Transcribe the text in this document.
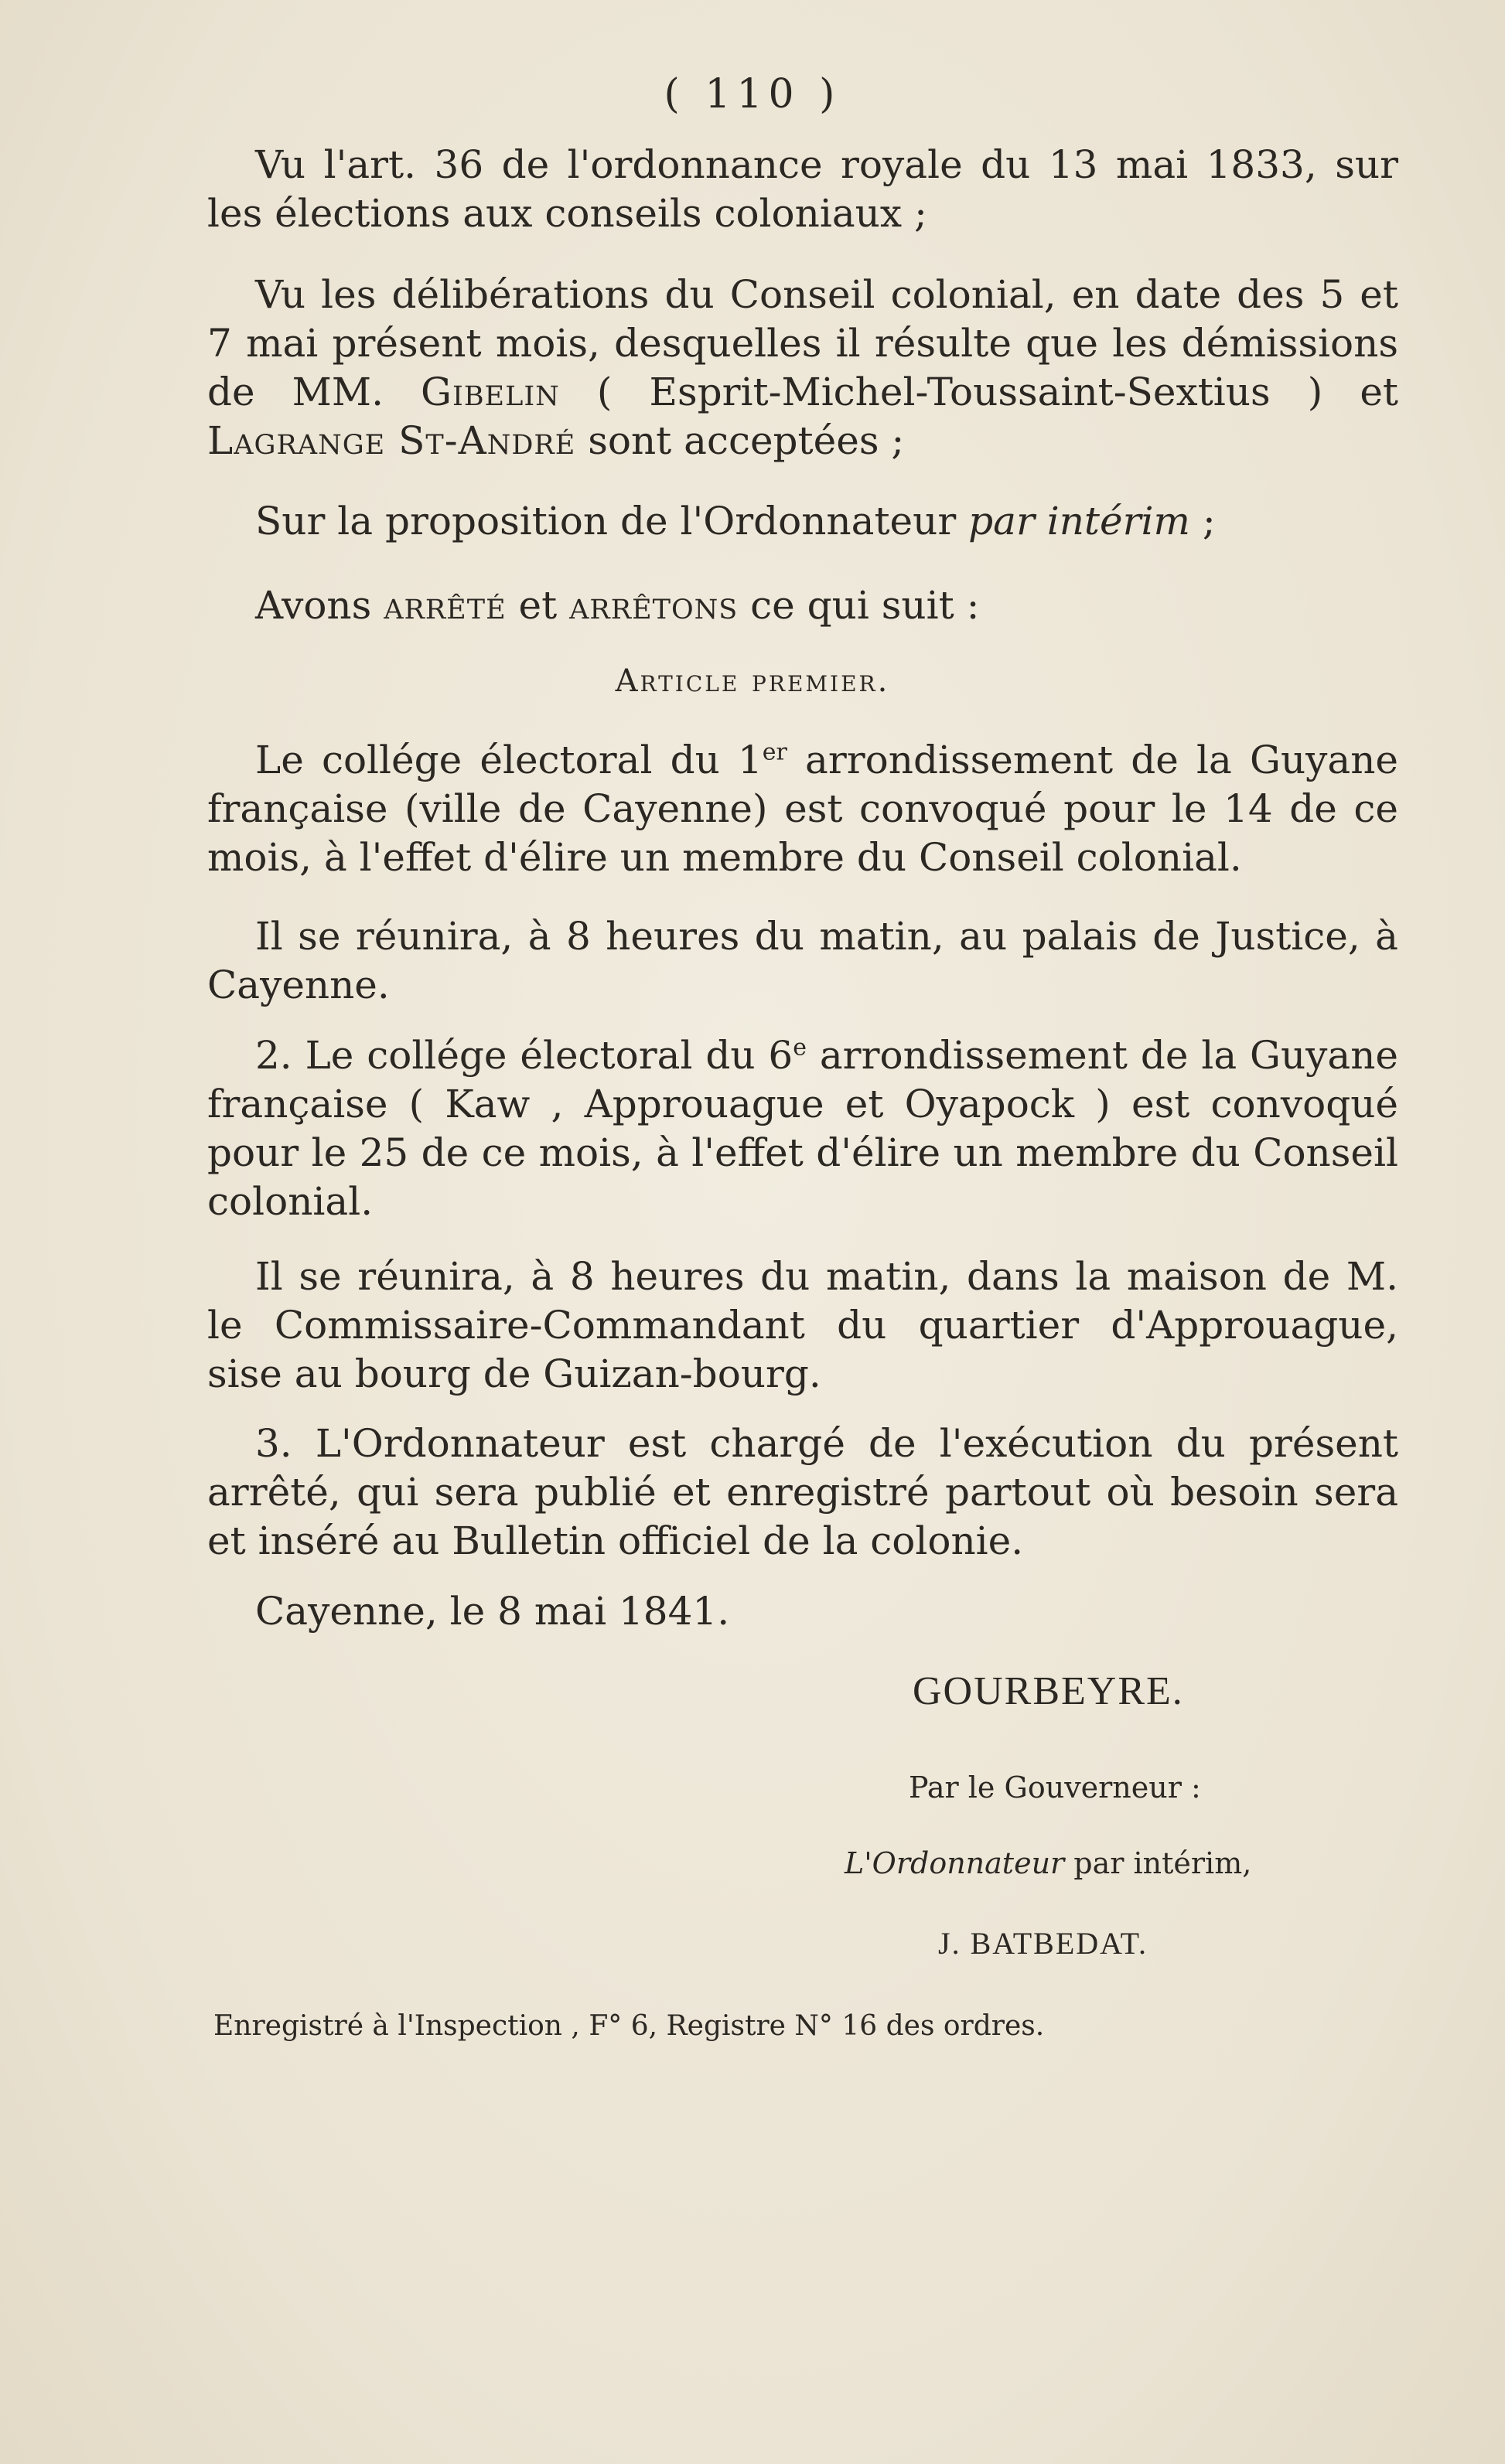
( 110 )

Vu l'art. 36 de l'ordonnance royale du 13 mai 1833, sur les élections aux conseils coloniaux ;

Vu les délibérations du Conseil colonial, en date des 5 et 7 mai présent mois, desquelles il résulte que les démissions de MM. Gibelin ( Esprit-Michel-Toussaint-Sextius ) et Lagrange St-André sont acceptées ;

Sur la proposition de l'Ordonnateur par intérim ;

Avons arrêté et arrêtons ce qui suit :

Article premier.

Le collége électoral du 1er arrondissement de la Guyane française (ville de Cayenne) est convoqué pour le 14 de ce mois, à l'effet d'élire un membre du Conseil colonial.

Il se réunira, à 8 heures du matin, au palais de Justice, à Cayenne.

2. Le collége électoral du 6e arrondissement de la Guyane française ( Kaw , Approuague et Oyapock ) est convoqué pour le 25 de ce mois, à l'effet d'élire un membre du Conseil colonial.

Il se réunira, à 8 heures du matin, dans la maison de M. le Commissaire-Commandant du quartier d'Approuague, sise au bourg de Guizan-bourg.

3. L'Ordonnateur est chargé de l'exécution du présent arrêté, qui sera publié et enregistré partout où besoin sera et inséré au Bulletin officiel de la colonie.

Cayenne, le 8 mai 1841.

GOURBEYRE.
Par le Gouverneur :
L'Ordonnateur par intérim,
J. BATBEDAT.
Enregistré à l'Inspection , F° 6, Registre N° 16 des ordres.
